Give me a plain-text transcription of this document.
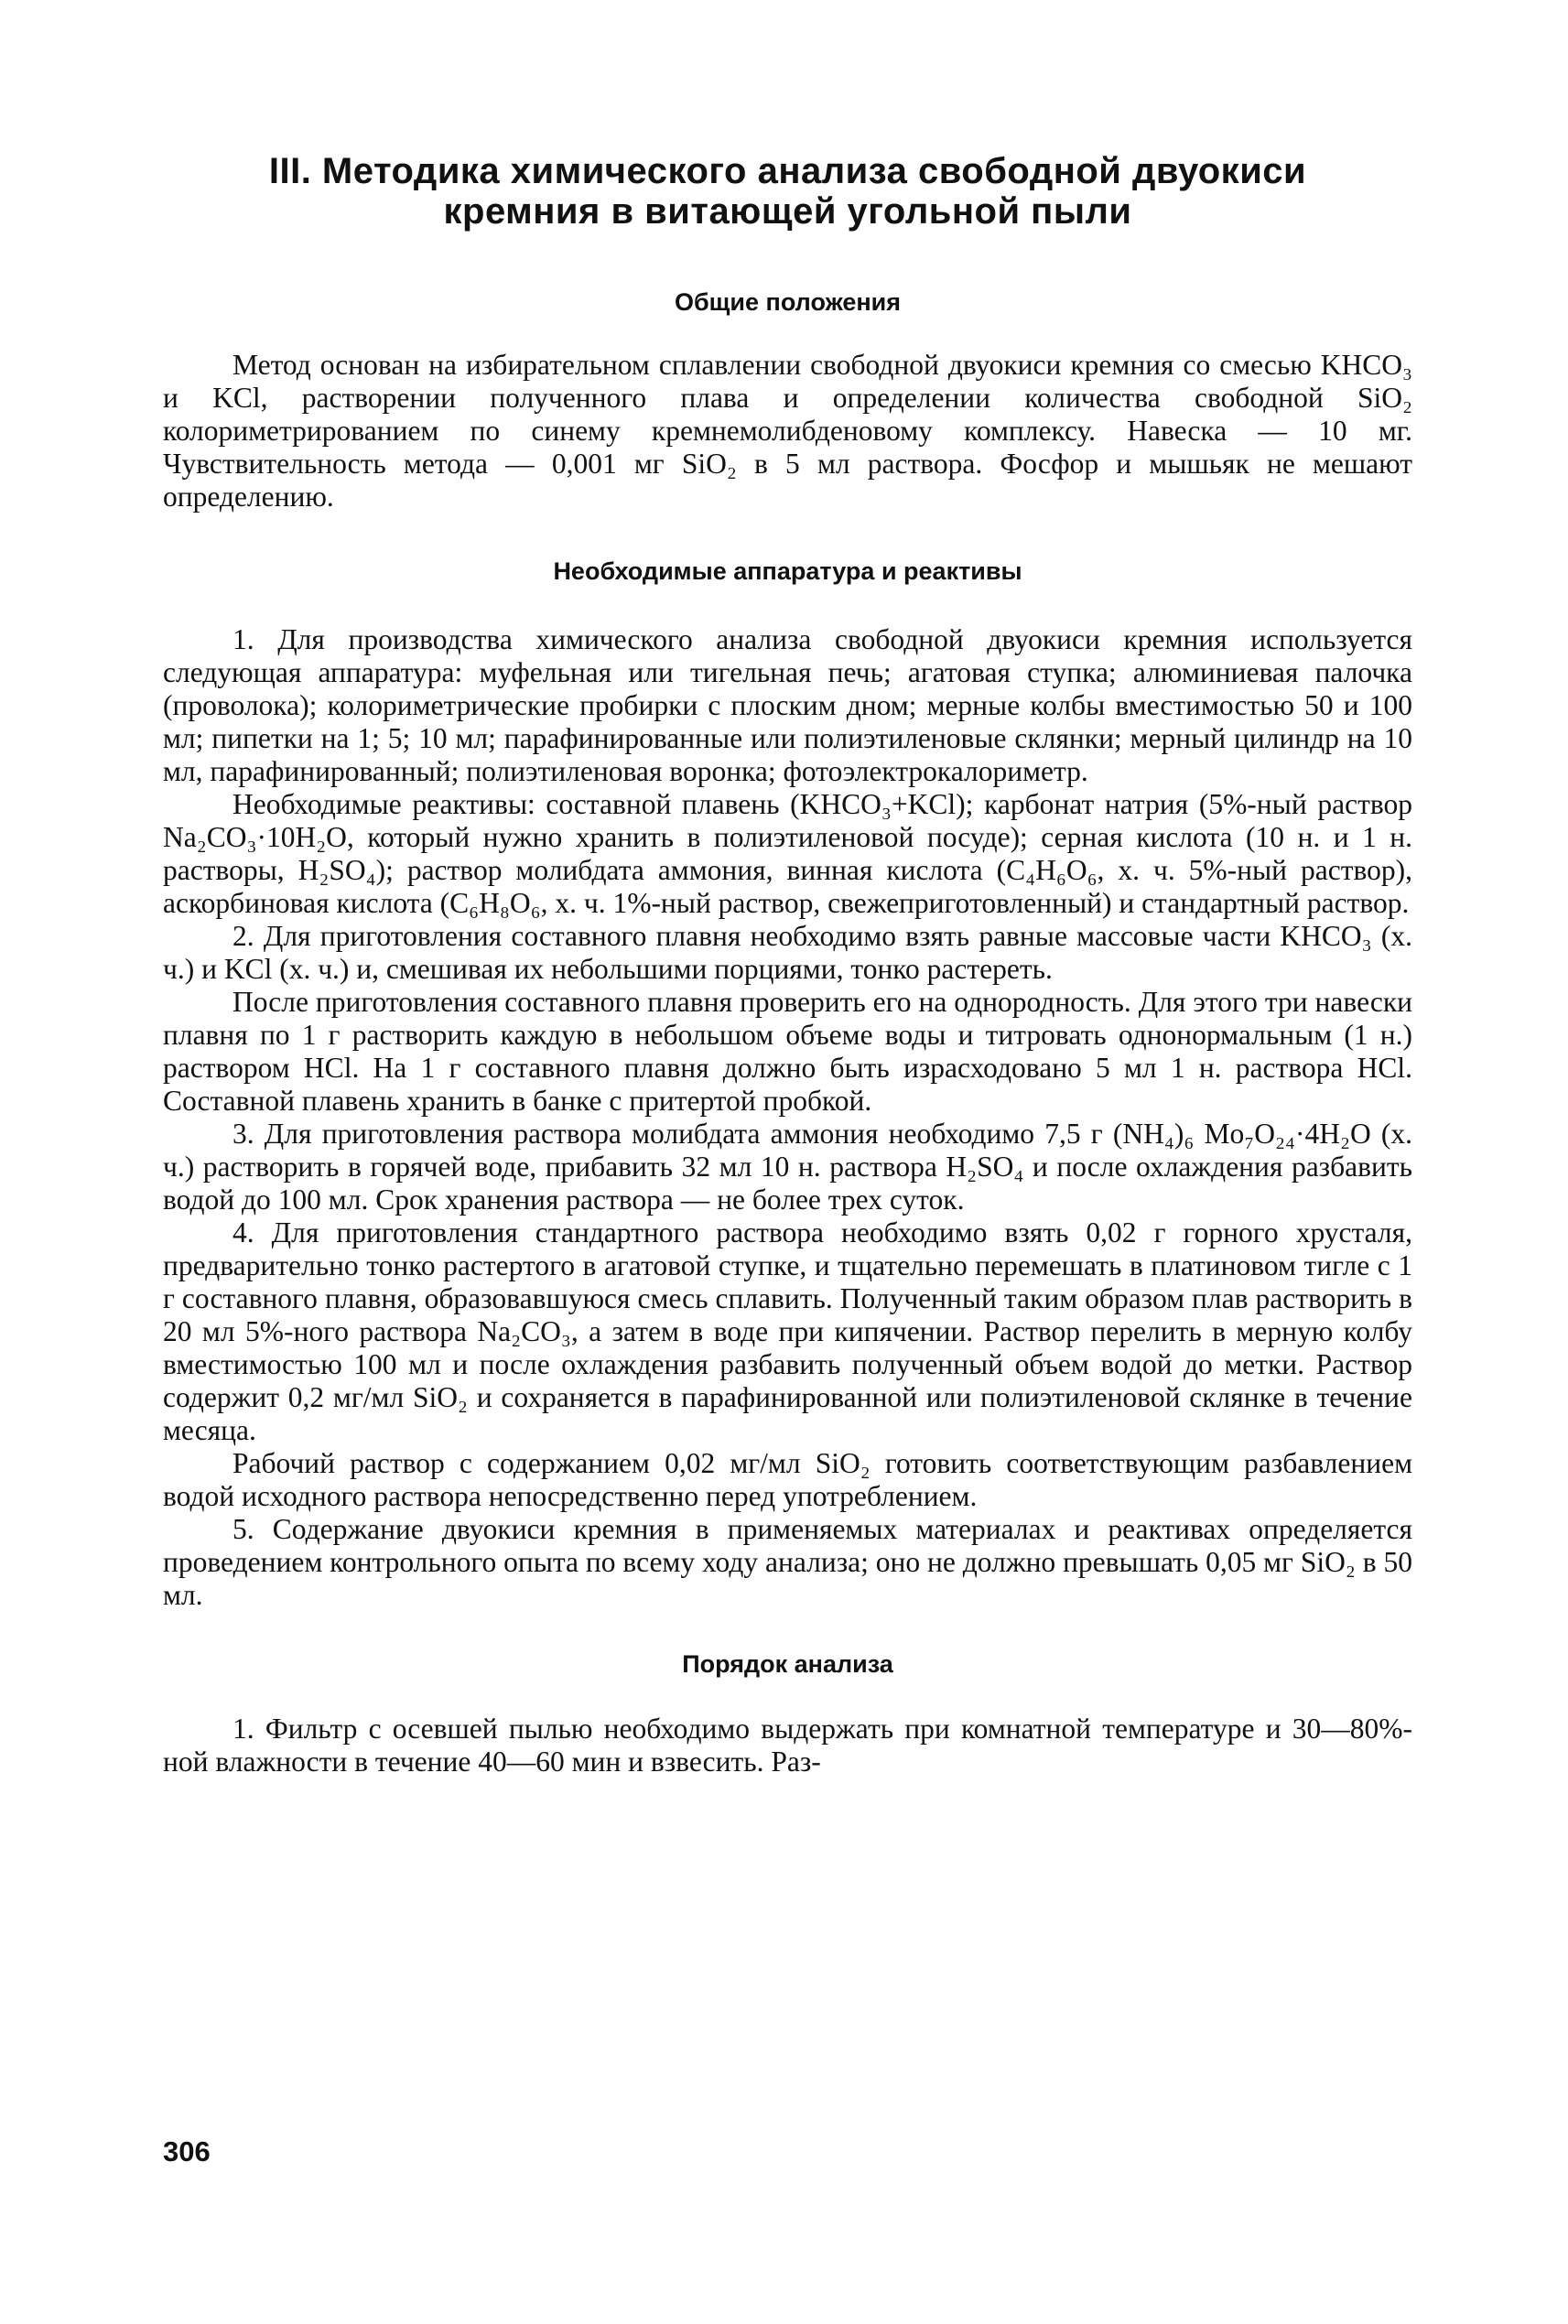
III. Методика химического анализа свободной двуокиси
кремния в витающей угольной пыли
Общие положения

Метод основан на избирательном сплавлении свободной двуокиси кремния со смесью KHCO₃ и KCl, растворении полученного плава и определении количества свободной SiO₂ колориметрированием по синему кремнемолибденовому комплексу. Навеска — 10 мг. Чувствительность метода — 0,001 мг SiO₂ в 5 мл раствора. Фосфор и мышьяк не мешают определению.

Необходимые аппаратура и реактивы

1. Для производства химического анализа свободной двуокиси кремния используется следующая аппаратура: муфельная или тигельная печь; агатовая ступка; алюминиевая палочка (проволока); колориметрические пробирки с плоским дном; мерные колбы вместимостью 50 и 100 мл; пипетки на 1; 5; 10 мл; парафинированные или полиэтиленовые склянки; мерный цилиндр на 10 мл, парафинированный; полиэтиленовая воронка; фотоэлектрокалориметр.

Необходимые реактивы: составной плавень (KHCO₃+KCl); карбонат натрия (5%-ный раствор Na₂CO₃·10H₂O, который нужно хранить в полиэтиленовой посуде); серная кислота (10 н. и 1 н. растворы, H₂SO₄); раствор молибдата аммония, винная кислота (C₄H₆O₆, х. ч. 5%-ный раствор), аскорбиновая кислота (C₆H₈O₆, х. ч. 1%-ный раствор, свежеприготовленный) и стандартный раствор.

2. Для приготовления составного плавня необходимо взять равные массовые части KHCO₃ (х. ч.) и KCl (х. ч.) и, смешивая их небольшими порциями, тонко растереть.

После приготовления составного плавня проверить его на однородность. Для этого три навески плавня по 1 г растворить каждую в небольшом объеме воды и титровать однонормальным (1 н.) раствором HCl. На 1 г составного плавня должно быть израсходовано 5 мл 1 н. раствора HCl. Составной плавень хранить в банке с притертой пробкой.

3. Для приготовления раствора молибдата аммония необходимо 7,5 г (NH₄)₆ Mo₇O₂₄·4H₂O (х. ч.) растворить в горячей воде, прибавить 32 мл 10 н. раствора H₂SO₄ и после охлаждения разбавить водой до 100 мл. Срок хранения раствора — не более трех суток.

4. Для приготовления стандартного раствора необходимо взять 0,02 г горного хрусталя, предварительно тонко растертого в агатовой ступке, и тщательно перемешать в платиновом тигле с 1 г составного плавня, образовавшуюся смесь сплавить. Полученный таким образом плав растворить в 20 мл 5%-ного раствора Na₂CO₃, а затем в воде при кипячении. Раствор перелить в мерную колбу вместимостью 100 мл и после охлаждения разбавить полученный объем водой до метки. Раствор содержит 0,2 мг/мл SiO₂ и сохраняется в парафинированной или полиэтиленовой склянке в течение месяца.

Рабочий раствор с содержанием 0,02 мг/мл SiO₂ готовить соответствующим разбавлением водой исходного раствора непосредственно перед употреблением.

5. Содержание двуокиси кремния в применяемых материалах и реактивах определяется проведением контрольного опыта по всему ходу анализа; оно не должно превышать 0,05 мг SiO₂ в 50 мл.

Порядок анализа

1. Фильтр с осевшей пылью необходимо выдержать при комнатной температуре и 30—80%-ной влажности в течение 40—60 мин и взвесить. Раз-

306
